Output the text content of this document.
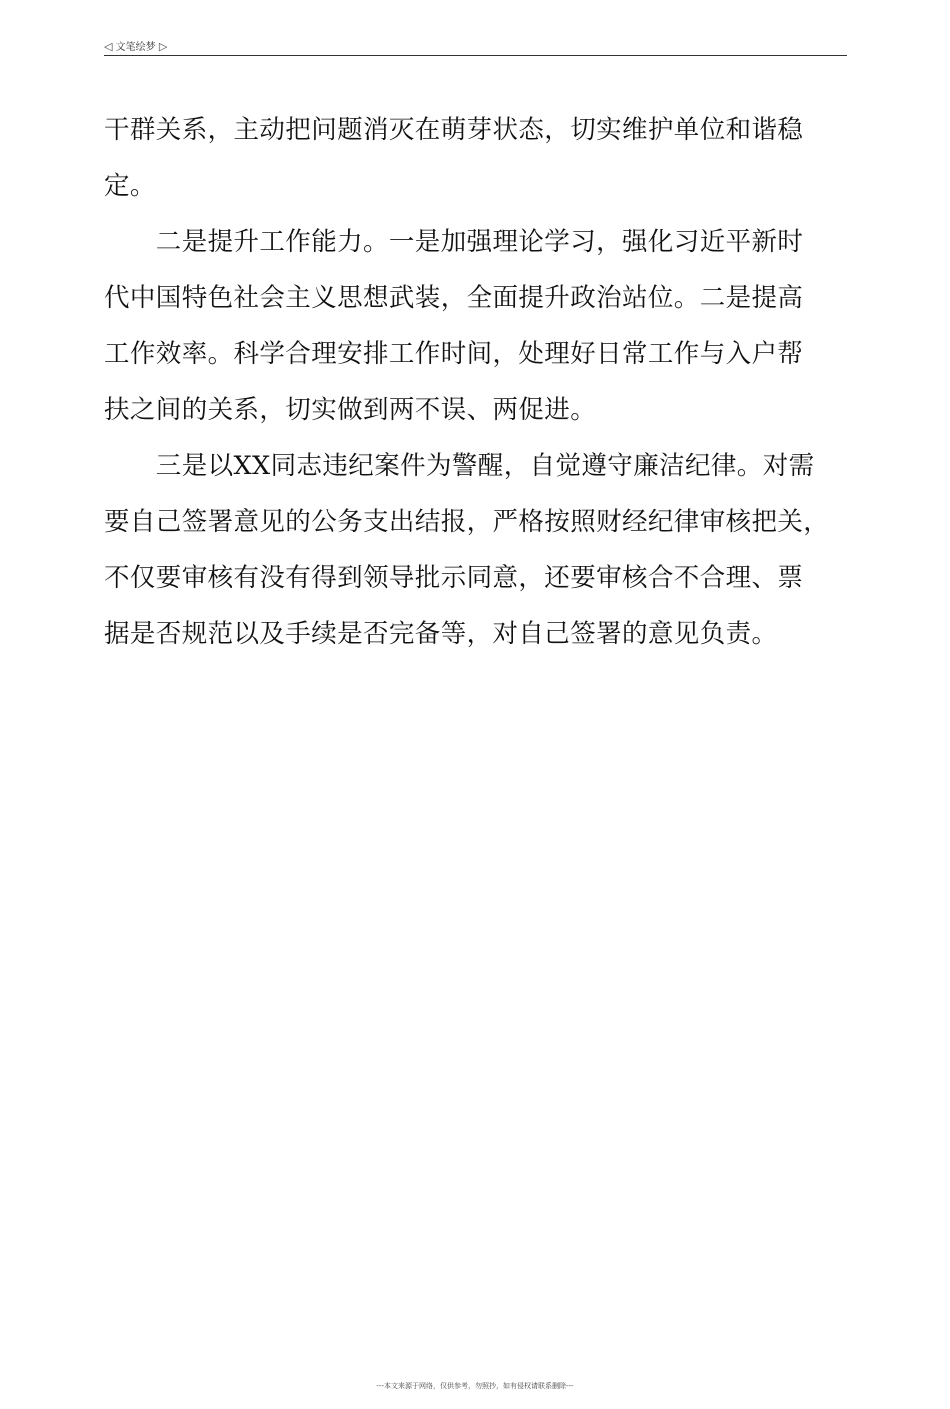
◁ 文笔绘梦 ▷
干群关系，主动把问题消灭在萌芽状态，切实维护单位和谐稳
定。
　　二是提升工作能力。一是加强理论学习，强化习近平新时
代中国特色社会主义思想武装，全面提升政治站位。二是提高
工作效率。科学合理安排工作时间，处理好日常工作与入户帮
扶之间的关系，切实做到两不误、两促进。
　　三是以XX同志违纪案件为警醒，自觉遵守廉洁纪律。对需
要自己签署意见的公务支出结报，严格按照财经纪律审核把关，
不仅要审核有没有得到领导批示同意，还要审核合不合理、票
据是否规范以及手续是否完备等，对自己签署的意见负责。
---本文来源于网络，仅供参考，勿照抄，如有侵权请联系删除---
